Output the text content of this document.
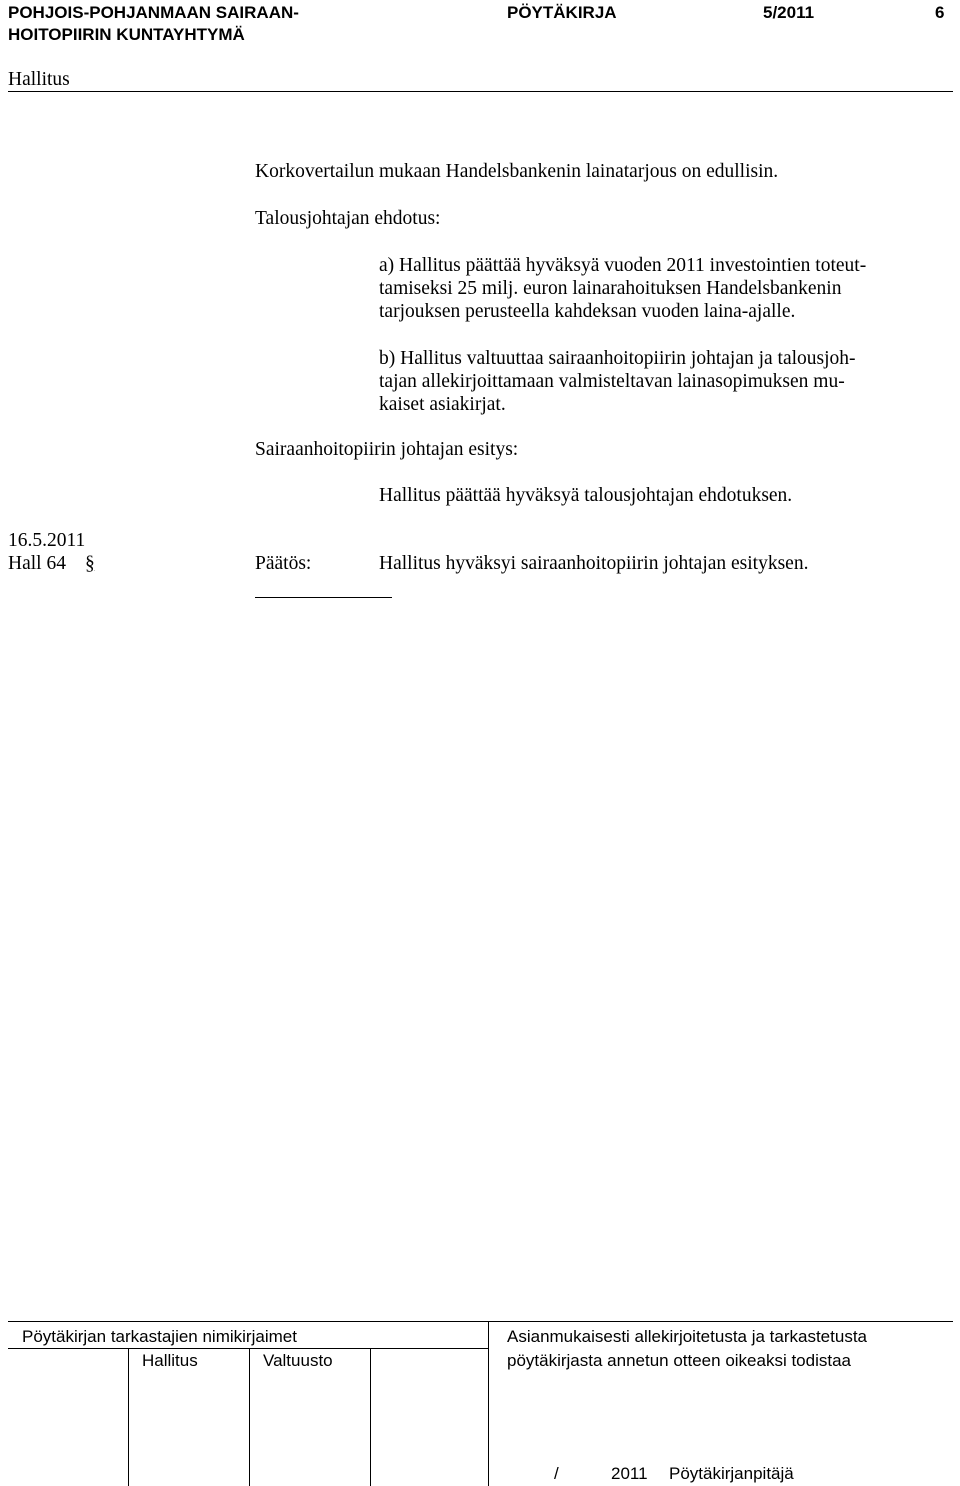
POHJOIS-POHJANMAAN SAIRAAN-
HOITOPIIRIN KUNTAYHTYMÄ
PÖYTÄKIRJA	5/2011	6
Hallitus
Korkovertailun mukaan Handelsbankenin lainatarjous on edullisin.
Talousjohtajan ehdotus:
a) Hallitus päättää hyväksyä vuoden 2011 investointien toteut-
tamiseksi 25 milj. euron lainarahoituksen Handelsbankenin
tarjouksen perusteella kahdeksan vuoden laina-ajalle.
b) Hallitus valtuuttaa sairaanhoitopiirin johtajan ja talousjoh-
tajan allekirjoittamaan valmisteltavan lainasopimuksen mu-
kaiset asiakirjat.
Sairaanhoitopiirin johtajan esitys:
Hallitus päättää hyväksyä talousjohtajan ehdotuksen.
16.5.2011
Hall 64 §	Päätös:	Hallitus hyväksyi sairaanhoitopiirin johtajan esityksen.
Pöytäkirjan tarkastajien nimikirjaimet
Hallitus	Valtuusto
Asianmukaisesti allekirjoitetusta ja tarkastetusta
pöytäkirjasta annetun otteen oikeaksi todistaa
/	2011 Pöytäkirjanpitäjä
